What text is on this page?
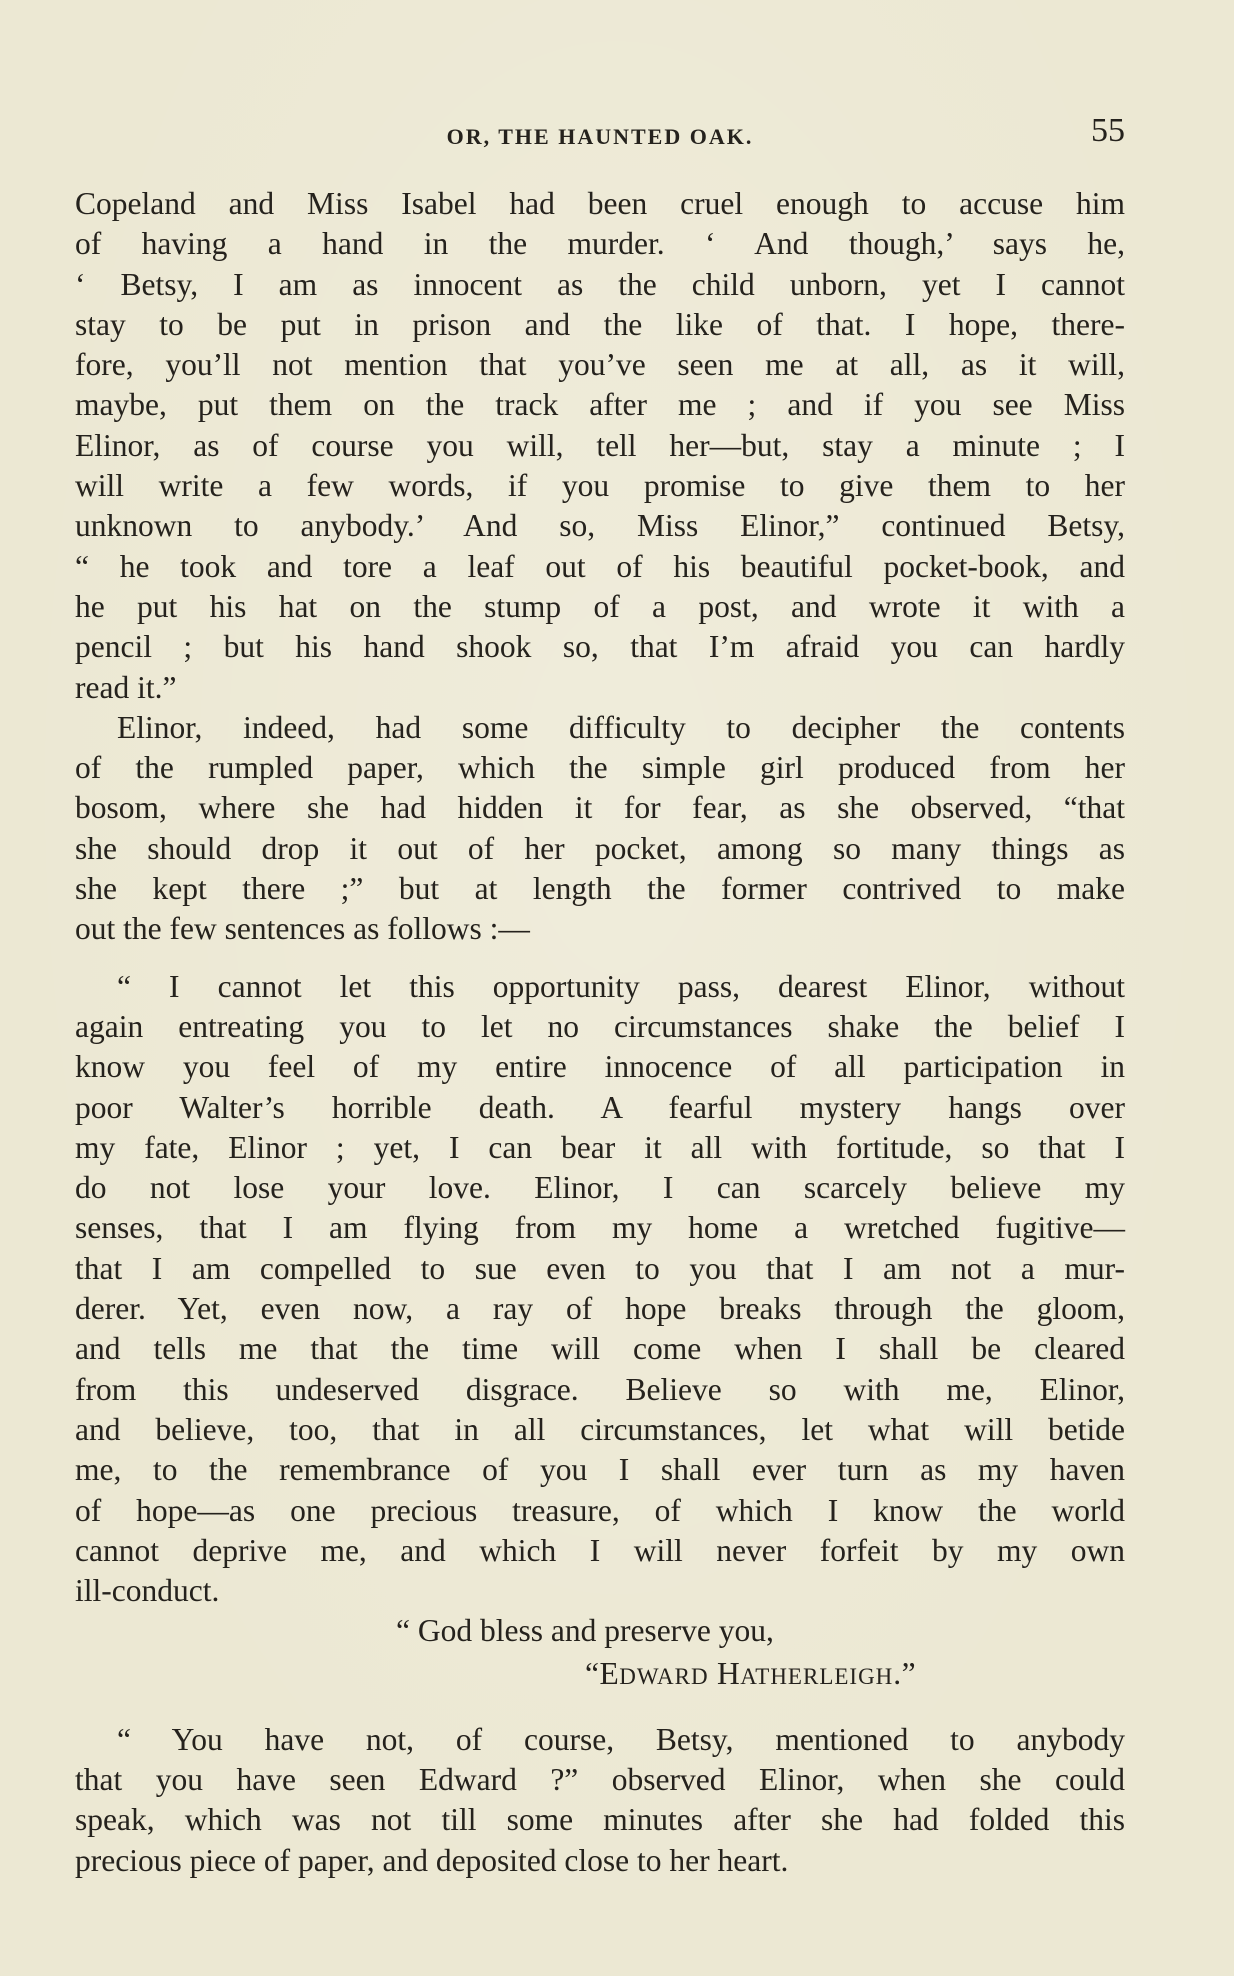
OR, THE HAUNTED OAK.	55
Copeland and Miss Isabel had been cruel enough to accuse him
of having a hand in the murder. ‘ And though,’ says he,
‘ Betsy, I am as innocent as the child unborn, yet I cannot
stay to be put in prison and the like of that. I hope, there-
fore, you’ll not mention that you’ve seen me at all, as it will,
maybe, put them on the track after me ; and if you see Miss
Elinor, as of course you will, tell her—but, stay a minute ; I
will write a few words, if you promise to give them to her
unknown to anybody.’ And so, Miss Elinor,” continued Betsy,
“ he took and tore a leaf out of his beautiful pocket-book, and
he put his hat on the stump of a post, and wrote it with a
pencil ; but his hand shook so, that I’m afraid you can hardly
read it.”
Elinor, indeed, had some difficulty to decipher the contents
of the rumpled paper, which the simple girl produced from her
bosom, where she had hidden it for fear, as she observed, “that
she should drop it out of her pocket, among so many things as
she kept there ;” but at length the former contrived to make
out the few sentences as follows :—
“ I cannot let this opportunity pass, dearest Elinor, without
again entreating you to let no circumstances shake the belief I
know you feel of my entire innocence of all participation in
poor Walter’s horrible death. A fearful mystery hangs over
my fate, Elinor ; yet, I can bear it all with fortitude, so that I
do not lose your love. Elinor, I can scarcely believe my
senses, that I am flying from my home a wretched fugitive—
that I am compelled to sue even to you that I am not a mur-
derer. Yet, even now, a ray of hope breaks through the gloom,
and tells me that the time will come when I shall be cleared
from this undeserved disgrace. Believe so with me, Elinor,
and believe, too, that in all circumstances, let what will betide
me, to the remembrance of you I shall ever turn as my haven
of hope—as one precious treasure, of which I know the world
cannot deprive me, and which I will never forfeit by my own
ill-conduct.
“ God bless and preserve you,
“EDWARD HATHERLEIGH.”
“ You have not, of course, Betsy, mentioned to anybody
that you have seen Edward ?” observed Elinor, when she could
speak, which was not till some minutes after she had folded this
precious piece of paper, and deposited close to her heart.
